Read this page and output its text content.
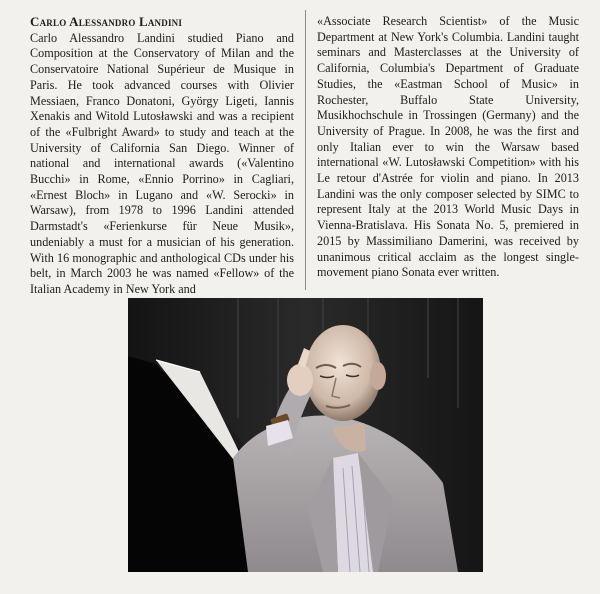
Carlo Alessandro Landini
Carlo Alessandro Landini studied Piano and Composition at the Conservatory of Milan and the Conservatoire National Supérieur de Musique in Paris. He took advanced courses with Olivier Messiaen, Franco Donatoni, György Ligeti, Iannis Xenakis and Witold Lutosławski and was a recipient of the «Fulbright Award» to study and teach at the University of California San Diego. Winner of national and international awards («Valentino Bucchi» in Rome, «Ennio Porrino» in Cagliari, «Ernest Bloch» in Lugano and «W. Serocki» in Warsaw), from 1978 to 1996 Landini attended Darmstadt's «Ferienkurse für Neue Musik», undeniably a must for a musician of his generation. With 16 monographic and anthological CDs under his belt, in March 2003 he was named «Fellow» of the Italian Academy in New York and
«Associate Research Scientist» of the Music Department at New York's Columbia. Landini taught seminars and Masterclasses at the University of California, Columbia's Department of Graduate Studies, the «Eastman School of Music» in Rochester, Buffalo State University, Musikhochschule in Trossingen (Germany) and the University of Prague. In 2008, he was the first and only Italian ever to win the Warsaw based international «W. Lutosławski Competition» with his Le retour d'Astrée for violin and piano. In 2013 Landini was the only composer selected by SIMC to represent Italy at the 2013 World Music Days in Vienna-Bratislava. His Sonata No. 5, premiered in 2015 by Massimiliano Damerini, was received by unanimous critical acclaim as the longest single-movement piano Sonata ever written.
